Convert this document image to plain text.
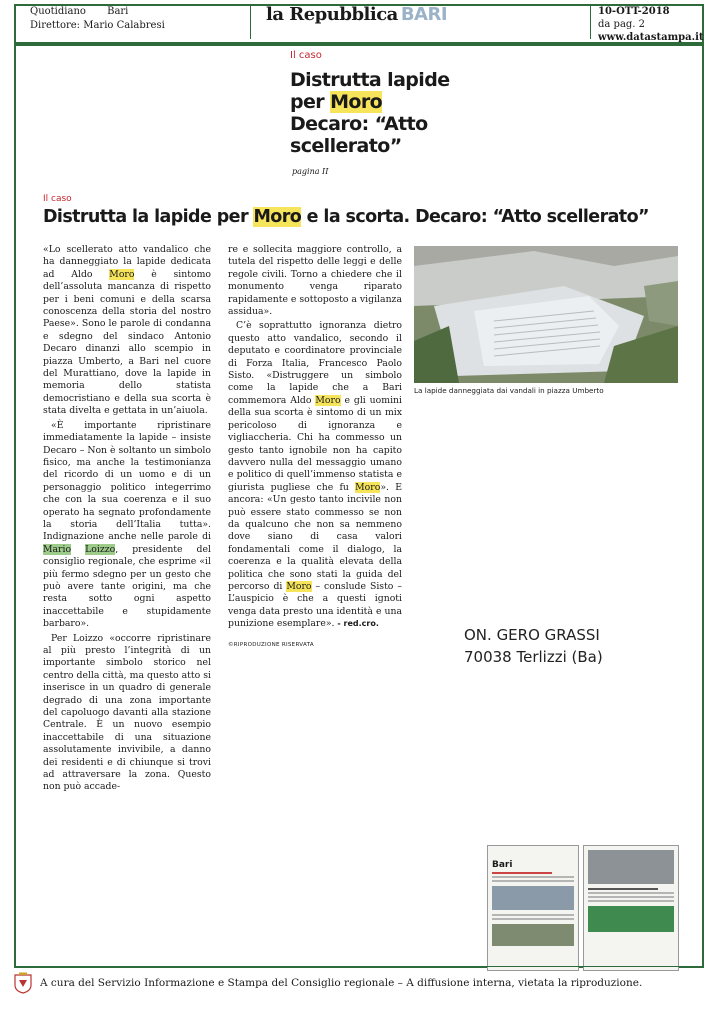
Quotidiano Bari
Direttore: Mario Calabresi
la Repubblica BARI	10-OTT-2018
da pag. 2
www.datastampa.it
Il caso
Distrutta lapide
per Moro
Decaro: “Atto
scellerato”
pagina II
Il caso
Distrutta la lapide per Moro e la scorta. Decaro: “Atto scellerato”

«Lo scellerato atto vandalico che ha danneggiato la lapide dedicata ad Aldo Moro è sintomo dell’assoluta mancanza di rispetto per i beni comuni e della scarsa conoscenza della storia del nostro Paese». Sono le parole di condanna e sdegno del sindaco Antonio Decaro dinanzi allo scempio in piazza Umberto, a Bari nel cuore del Murattiano, dove la lapide in memoria dello statista democristiano e della sua scorta è stata divelta e gettata in un’aiuola.

«È importante ripristinare immediatamente la lapide – insiste Decaro – Non è soltanto un simbolo fisico, ma anche la testimonianza del ricordo di un uomo e di un personaggio politico integerrimo che con la sua coerenza e il suo operato ha segnato profondamente la storia dell’Italia tutta». Indignazione anche nelle parole di Mario Loizzo, presidente del consiglio regionale, che esprime «il più fermo sdegno per un gesto che può avere tante origini, ma che resta sotto ogni aspetto inaccettabile e stupidamente barbaro».

Per Loizzo «occorre ripristinare al più presto l’integrità di un importante simbolo storico nel centro della città, ma questo atto si inserisce in un quadro di generale degrado di una zona importante del capoluogo davanti alla stazione Centrale. È un nuovo esempio inaccettabile di una situazione assolutamente invivibile, a danno dei residenti e di chiunque si trovi ad attraversare la zona. Questo non può accade-

re e sollecita maggiore controllo, a tutela del rispetto delle leggi e delle regole civili. Torno a chiedere che il monumento venga riparato rapidamente e sottoposto a vigilanza assidua».

C’è soprattutto ignoranza dietro questo atto vandalico, secondo il deputato e coordinatore provinciale di Forza Italia, Francesco Paolo Sisto. «Distruggere un simbolo come la lapide che a Bari commemora Aldo Moro e gli uomini della sua scorta è sintomo di un mix pericoloso di ignoranza e vigliaccheria. Chi ha commesso un gesto tanto ignobile non ha capito davvero nulla del messaggio umano e politico di quell’immenso statista e giurista pugliese che fu Moro». E ancora: «Un gesto tanto incivile non può essere stato commesso se non da qualcuno che non sa nemmeno dove siano di casa valori fondamentali come il dialogo, la coerenza e la qualità elevata della politica che sono stati la guida del percorso di Moro – conslude Sisto – L’auspicio è che a questi ignoti venga data presto una identità e una punizione esemplare». - red.cro.

©RIPRODUZIONE RISERVATA
La lapide danneggiata dai vandali in piazza Umberto
ON. GERO GRASSI
70038 Terlizzi (Ba)
Bari
A cura del Servizio Informazione e Stampa del Consiglio regionale – A diffusione interna, vietata la riproduzione.
